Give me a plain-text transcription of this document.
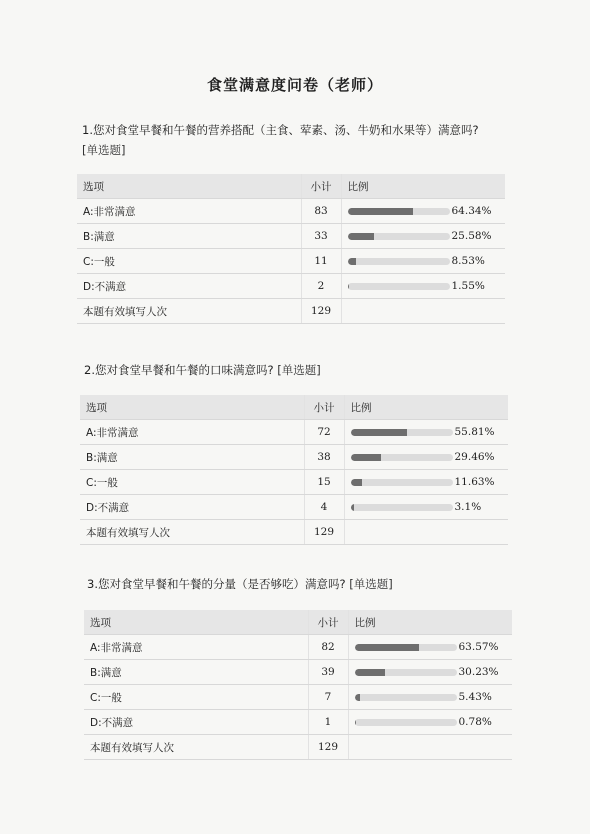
食堂满意度问卷（老师）
1.您对食堂早餐和午餐的营养搭配（主食、荤素、汤、牛奶和水果等）满意吗?
[单选题]
选项	小计	比例
A:非常满意	83	64.34%
B:满意	33	25.58%
C:一般	11	8.53%
D:不满意	2	1.55%
本题有效填写人次	129	
2.您对食堂早餐和午餐的口味满意吗? [单选题]
选项	小计	比例
A:非常满意	72	55.81%
B:满意	38	29.46%
C:一般	15	11.63%
D:不满意	4	3.1%
本题有效填写人次	129	
3.您对食堂早餐和午餐的分量（是否够吃）满意吗? [单选题]
选项	小计	比例
A:非常满意	82	63.57%
B:满意	39	30.23%
C:一般	7	5.43%
D:不满意	1	0.78%
本题有效填写人次	129	
